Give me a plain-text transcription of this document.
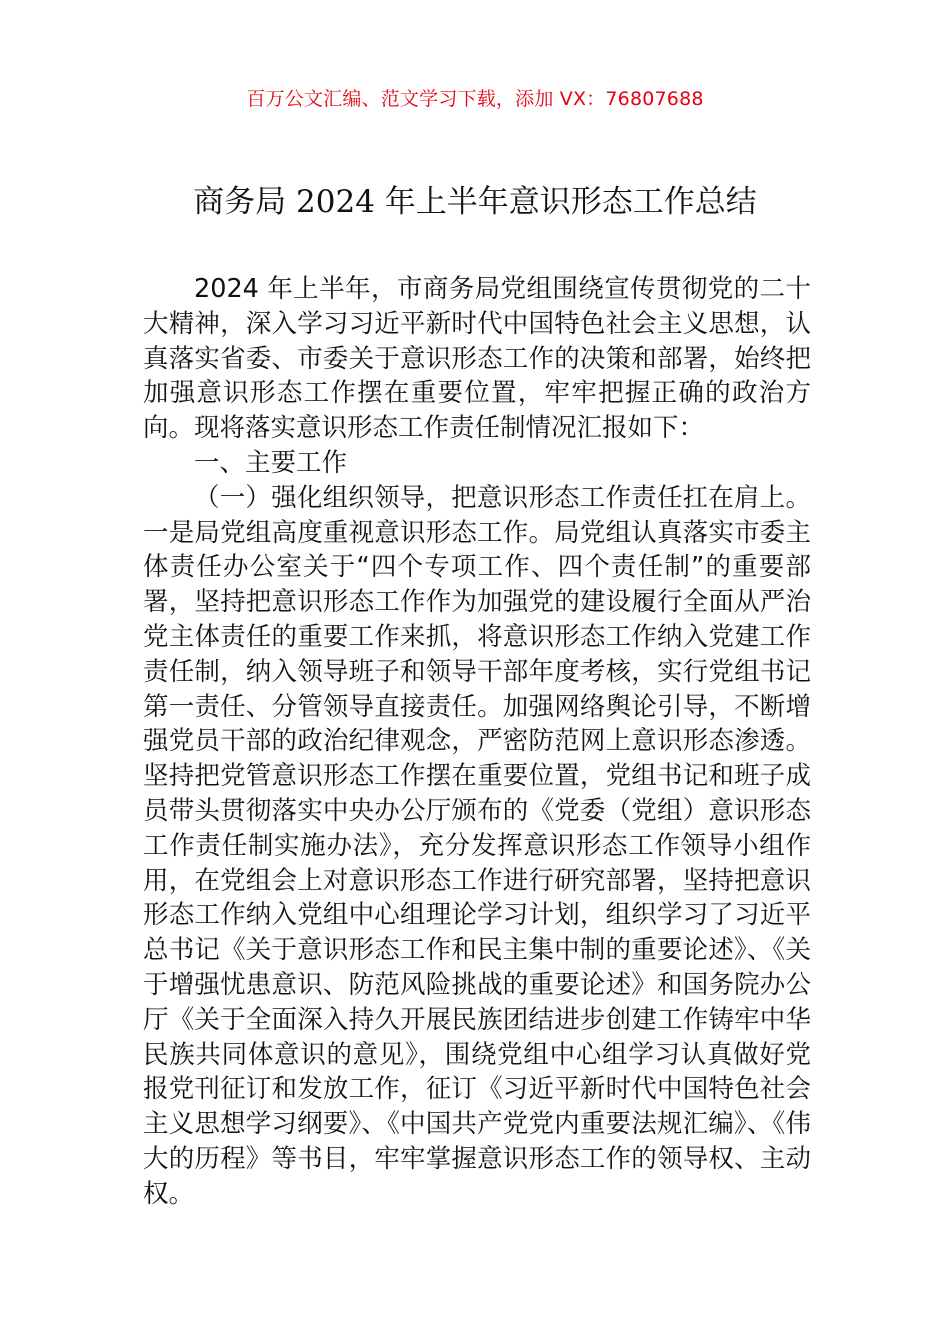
百万公文汇编、范文学习下载，添加 VX：76807688
商务局 2024 年上半年意识形态工作总结

2024 年上半年，市商务局党组围绕宣传贯彻党的二十大精神，深入学习习近平新时代中国特色社会主义思想，认真落实省委、市委关于意识形态工作的决策和部署，始终把加强意识形态工作摆在重要位置，牢牢把握正确的政治方向。现将落实意识形态工作责任制情况汇报如下：

一、主要工作

（一）强化组织领导，把意识形态工作责任扛在肩上。一是局党组高度重视意识形态工作。局党组认真落实市委主体责任办公室关于“四个专项工作、四个责任制”的重要部署，坚持把意识形态工作作为加强党的建设履行全面从严治党主体责任的重要工作来抓，将意识形态工作纳入党建工作责任制，纳入领导班子和领导干部年度考核，实行党组书记第一责任、分管领导直接责任。加强网络舆论引导，不断增强党员干部的政治纪律观念，严密防范网上意识形态渗透。坚持把党管意识形态工作摆在重要位置，党组书记和班子成员带头贯彻落实中央办公厅颁布的《党委（党组）意识形态工作责任制实施办法》，充分发挥意识形态工作领导小组作用，在党组会上对意识形态工作进行研究部署，坚持把意识形态工作纳入党组中心组理论学习计划，组织学习了习近平总书记《关于意识形态工作和民主集中制的重要论述》、《关于增强忧患意识、防范风险挑战的重要论述》和国务院办公厅《关于全面深入持久开展民族团结进步创建工作铸牢中华民族共同体意识的意见》，围绕党组中心组学习认真做好党报党刊征订和发放工作，征订《习近平新时代中国特色社会主义思想学习纲要》、《中国共产党党内重要法规汇编》、《伟大的历程》等书目，牢牢掌握意识形态工作的领导权、主动权。
